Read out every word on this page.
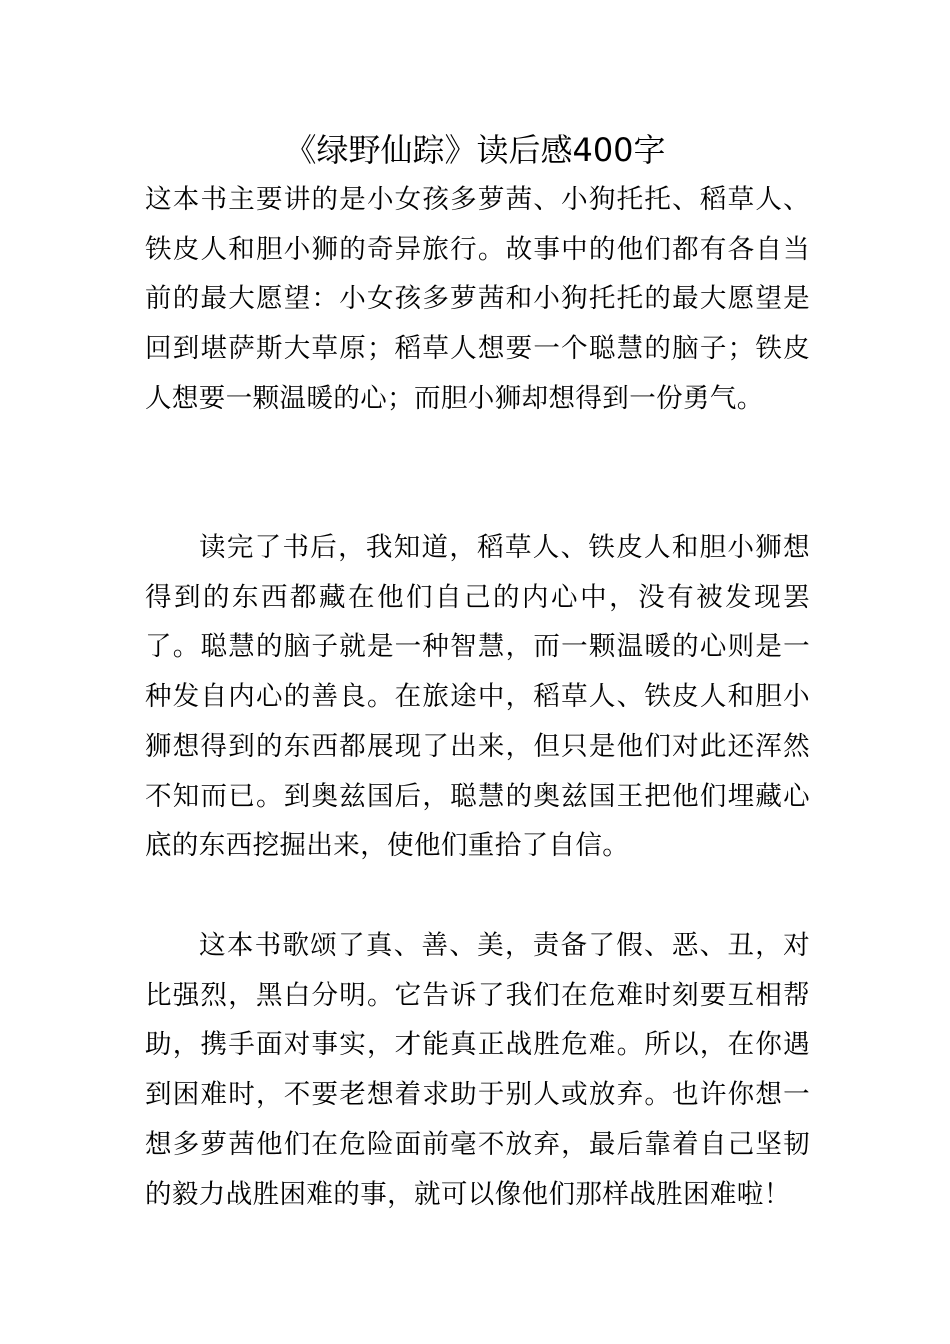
《绿野仙踪》读后感400字

这本书主要讲的是小女孩多萝茜、小狗托托、稻草人、铁皮人和胆小狮的奇异旅行。故事中的他们都有各自当前的最大愿望：小女孩多萝茜和小狗托托的最大愿望是回到堪萨斯大草原；稻草人想要一个聪慧的脑子；铁皮人想要一颗温暖的心；而胆小狮却想得到一份勇气。

读完了书后，我知道，稻草人、铁皮人和胆小狮想得到的东西都藏在他们自己的内心中，没有被发现罢了。聪慧的脑子就是一种智慧，而一颗温暖的心则是一种发自内心的善良。在旅途中，稻草人、铁皮人和胆小狮想得到的东西都展现了出来，但只是他们对此还浑然不知而已。到奥兹国后，聪慧的奥兹国王把他们埋藏心底的东西挖掘出来，使他们重拾了自信。

这本书歌颂了真、善、美，责备了假、恶、丑，对比强烈，黑白分明。它告诉了我们在危难时刻要互相帮助，携手面对事实，才能真正战胜危难。所以，在你遇到困难时，不要老想着求助于别人或放弃。也许你想一想多萝茜他们在危险面前毫不放弃，最后靠着自己坚韧的毅力战胜困难的事，就可以像他们那样战胜困难啦！
